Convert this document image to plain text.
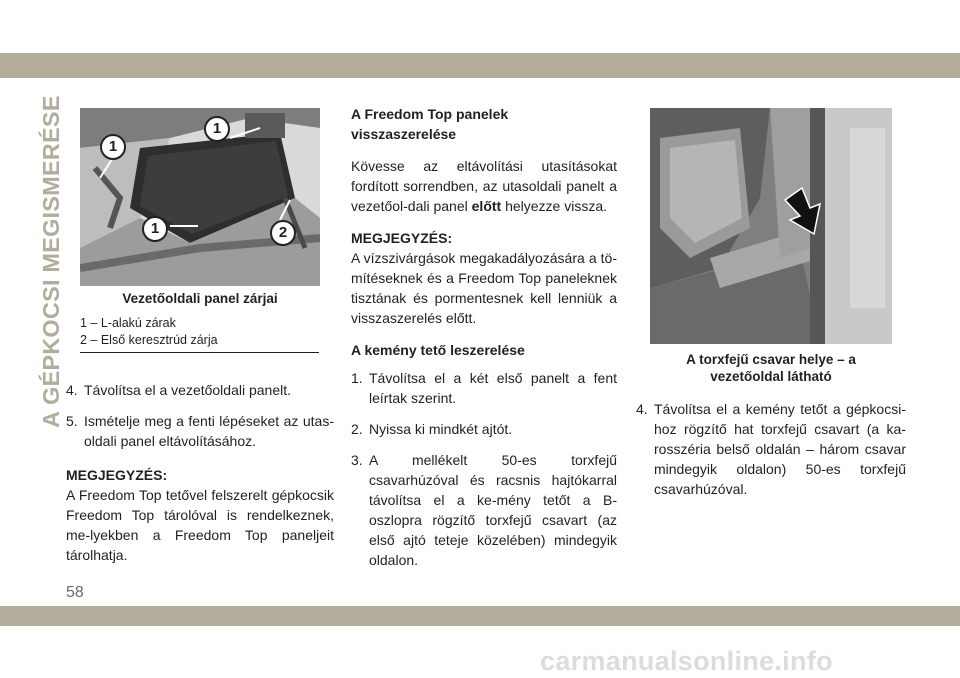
A GÉPKOCSI MEGISMERÉSE	1
1
1	2
Vezetőoldali panel zárjai
1 – L-alakú zárak
2 – Első keresztrúd zárja
4. Távolítsa el a vezetőoldali panelt.
5. Ismételje meg a fenti lépéseket az utas-oldali panel eltávolításához.
MEGJEGYZÉS:
A Freedom Top tetővel felszerelt gépkocsik Freedom Top tárolóval is rendelkeznek, me-lyekben a Freedom Top paneljeit tárolhatja.

A Freedom Top panelek visszaszerelése

Kövesse az eltávolítási utasításokat fordított sorrendben, az utasoldali panelt a vezetőol-dali panel előtt helyezze vissza.

MEGJEGYZÉS:

A vízszivárgások megakadályozására a tö-mítéseknek és a Freedom Top paneleknek tisztának és pormentesnek kell lenniük a visszaszerelés előtt.

A kemény tető leszerelése

1. Távolítsa el a két első panelt a fent leírtak szerint.
2. Nyissa ki mindkét ajtót.
3. A mellékelt 50-es torxfejű csavarhúzóval és racsnis hajtókarral távolítsa el a ke-mény tetőt a B-oszlopra rögzítő torxfejű csavart (az első ajtó teteje közelében) mindegyik oldalon.
A torxfejű csavar helye – a
vezetőoldal látható
4. Távolítsa el a kemény tetőt a gépkocsi-hoz rögzítő hat torxfejű csavart (a ka-rosszéria belső oldalán – három csavar mindegyik oldalon) 50-es torxfejű csavarhúzóval.
58
carmanualsonline.info
